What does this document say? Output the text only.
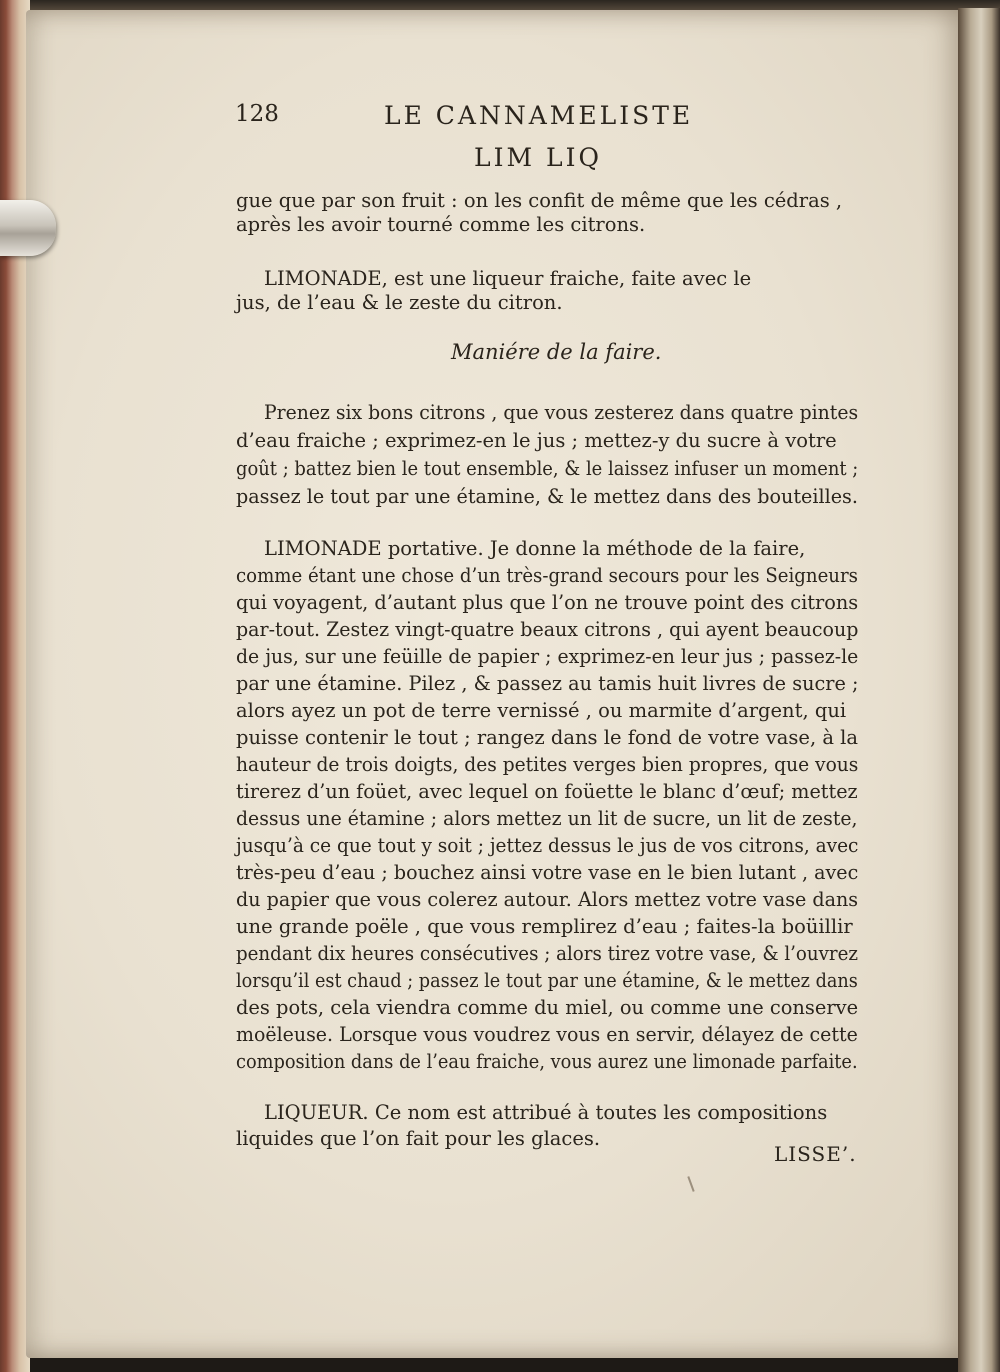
128	LE CANNAMELISTE
LIM LIQ
gue que par son fruit : on les confit de même que les cédras ,
après les avoir tourné comme les citrons.
LIMONADE, est une liqueur fraiche, faite avec le
jus, de l’eau & le zeste du citron.
Maniére de la faire.
Prenez six bons citrons , que vous zesterez dans quatre pintes
d’eau fraiche ; exprimez-en le jus ; mettez-y du sucre à votre
goût ; battez bien le tout ensemble, & le laissez infuser un moment ;
passez le tout par une étamine, & le mettez dans des bouteilles.
LIMONADE portative. Je donne la méthode de la faire,
comme étant une chose d’un très-grand secours pour les Seigneurs
qui voyagent, d’autant plus que l’on ne trouve point des citrons
par-tout. Zestez vingt-quatre beaux citrons , qui ayent beaucoup
de jus, sur une feüille de papier ; exprimez-en leur jus ; passez-le
par une étamine. Pilez , & passez au tamis huit livres de sucre ;
alors ayez un pot de terre vernissé , ou marmite d’argent, qui
puisse contenir le tout ; rangez dans le fond de votre vase, à la
hauteur de trois doigts, des petites verges bien propres, que vous
tirerez d’un foüet, avec lequel on foüette le blanc d’œuf; mettez
dessus une étamine ; alors mettez un lit de sucre, un lit de zeste,
jusqu’à ce que tout y soit ; jettez dessus le jus de vos citrons, avec
très-peu d’eau ; bouchez ainsi votre vase en le bien lutant , avec
du papier que vous colerez autour. Alors mettez votre vase dans
une grande poële , que vous remplirez d’eau ; faites-la boüillir
pendant dix heures consécutives ; alors tirez votre vase, & l’ouvrez
lorsqu’il est chaud ; passez le tout par une étamine, & le mettez dans
des pots, cela viendra comme du miel, ou comme une conserve
moëleuse. Lorsque vous voudrez vous en servir, délayez de cette
composition dans de l’eau fraiche, vous aurez une limonade parfaite.
LIQUEUR. Ce nom est attribué à toutes les compositions
liquides que l’on fait pour les glaces.
LISSE’.
